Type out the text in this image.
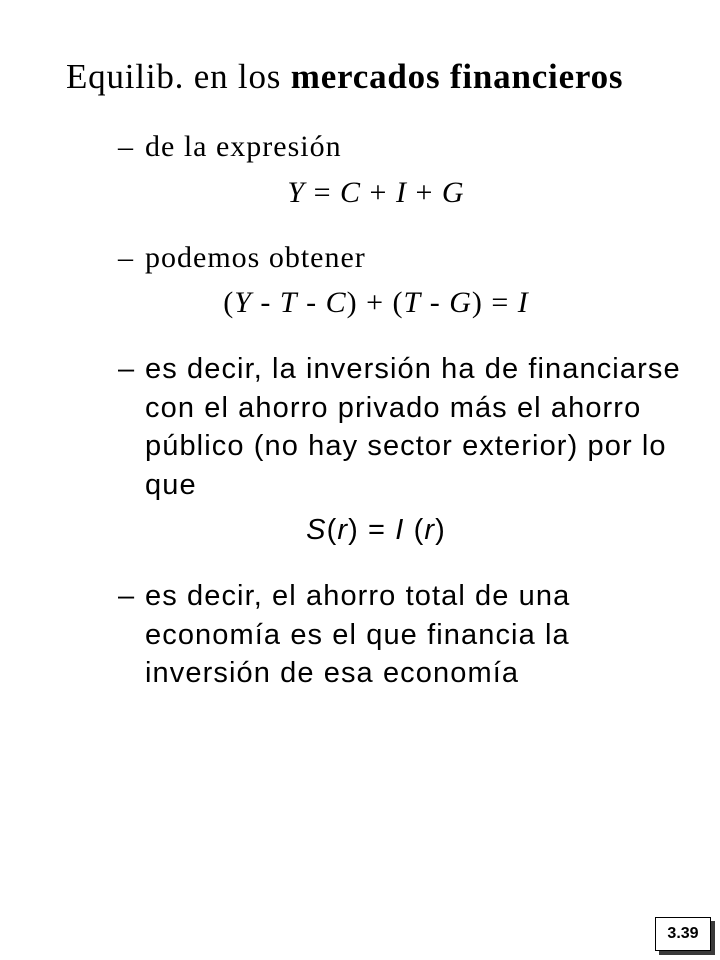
Equilib. en los mercados financieros
– de la expresión
Y = C + I + G
– podemos obtener
(Y - T - C) + (T - G) = I
– es decir, la inversión ha de financiarse
con el ahorro privado más el ahorro
público (no hay sector exterior) por lo
que
S(r) = I (r)
– es decir, el ahorro total de una
economía es el que financia la
inversión de esa economía
3.39
